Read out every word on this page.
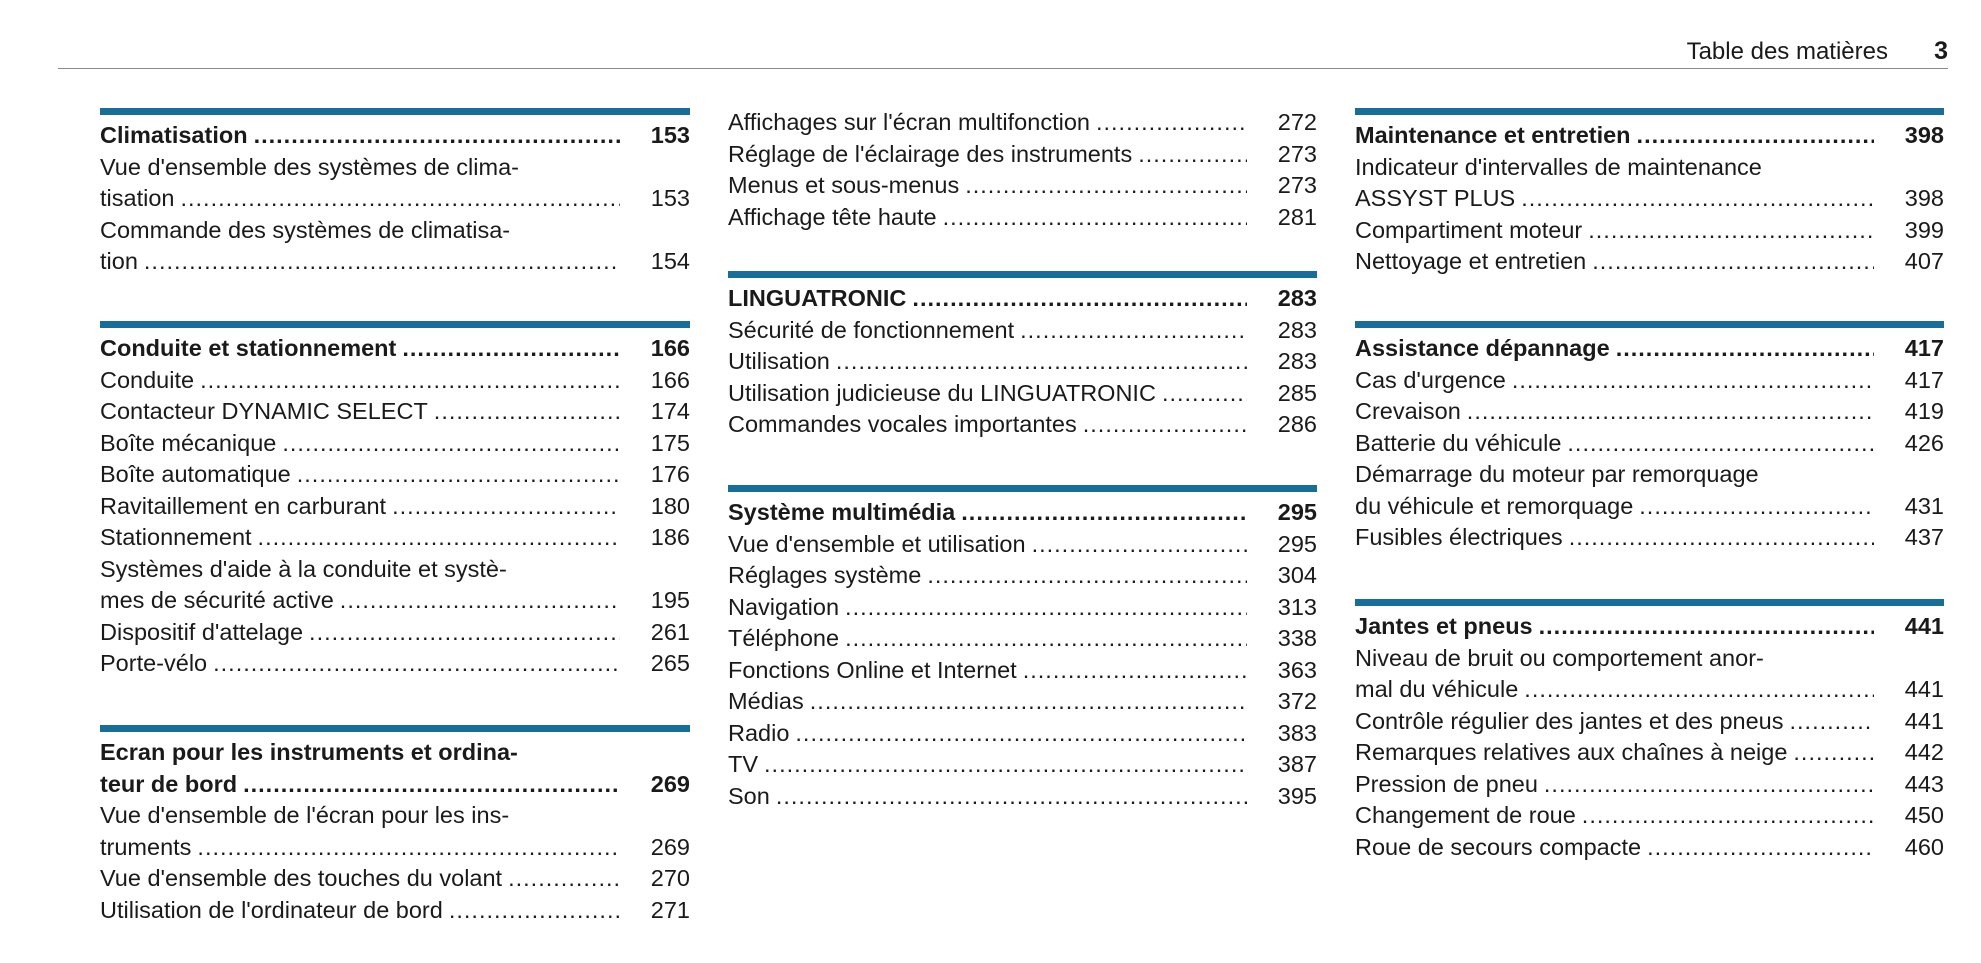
Table des matières 3
Climatisation .....	153
Vue d'ensemble des systèmes de clima-
tisation .....	153
Commande des systèmes de climatisa-
tion .....	154
Conduite et stationnement .....	166
Conduite .....	166
Contacteur DYNAMIC SELECT .....	174
Boîte mécanique .....	175
Boîte automatique .....	176
Ravitaillement en carburant .....	180
Stationnement .....	186
Systèmes d'aide à la conduite et systè-
mes de sécurité active .....	195
Dispositif d'attelage .....	261
Porte-vélo .....	265
Ecran pour les instruments et ordina-
teur de bord .....	269
Vue d'ensemble de l'écran pour les ins-
truments .....	269
Vue d'ensemble des touches du volant .....	270
Utilisation de l'ordinateur de bord .....	271
Affichages sur l'écran multifonction .....	272
Réglage de l'éclairage des instruments .....	273
Menus et sous-menus .....	273
Affichage tête haute .....	281
LINGUATRONIC .....	283
Sécurité de fonctionnement .....	283
Utilisation .....	283
Utilisation judicieuse du LINGUATRONIC .....	285
Commandes vocales importantes .....	286
Système multimédia .....	295
Vue d'ensemble et utilisation .....	295
Réglages système .....	304
Navigation .....	313
Téléphone .....	338
Fonctions Online et Internet .....	363
Médias .....	372
Radio .....	383
TV .....	387
Son .....	395
Maintenance et entretien .....	398
Indicateur d'intervalles de maintenance
ASSYST PLUS .....	398
Compartiment moteur .....	399
Nettoyage et entretien .....	407
Assistance dépannage .....	417
Cas d'urgence .....	417
Crevaison .....	419
Batterie du véhicule .....	426
Démarrage du moteur par remorquage
du véhicule et remorquage .....	431
Fusibles électriques .....	437
Jantes et pneus .....	441
Niveau de bruit ou comportement anor-
mal du véhicule .....	441
Contrôle régulier des jantes et des pneus .....	441
Remarques relatives aux chaînes à neige .....	442
Pression de pneu .....	443
Changement de roue .....	450
Roue de secours compacte .....	460
